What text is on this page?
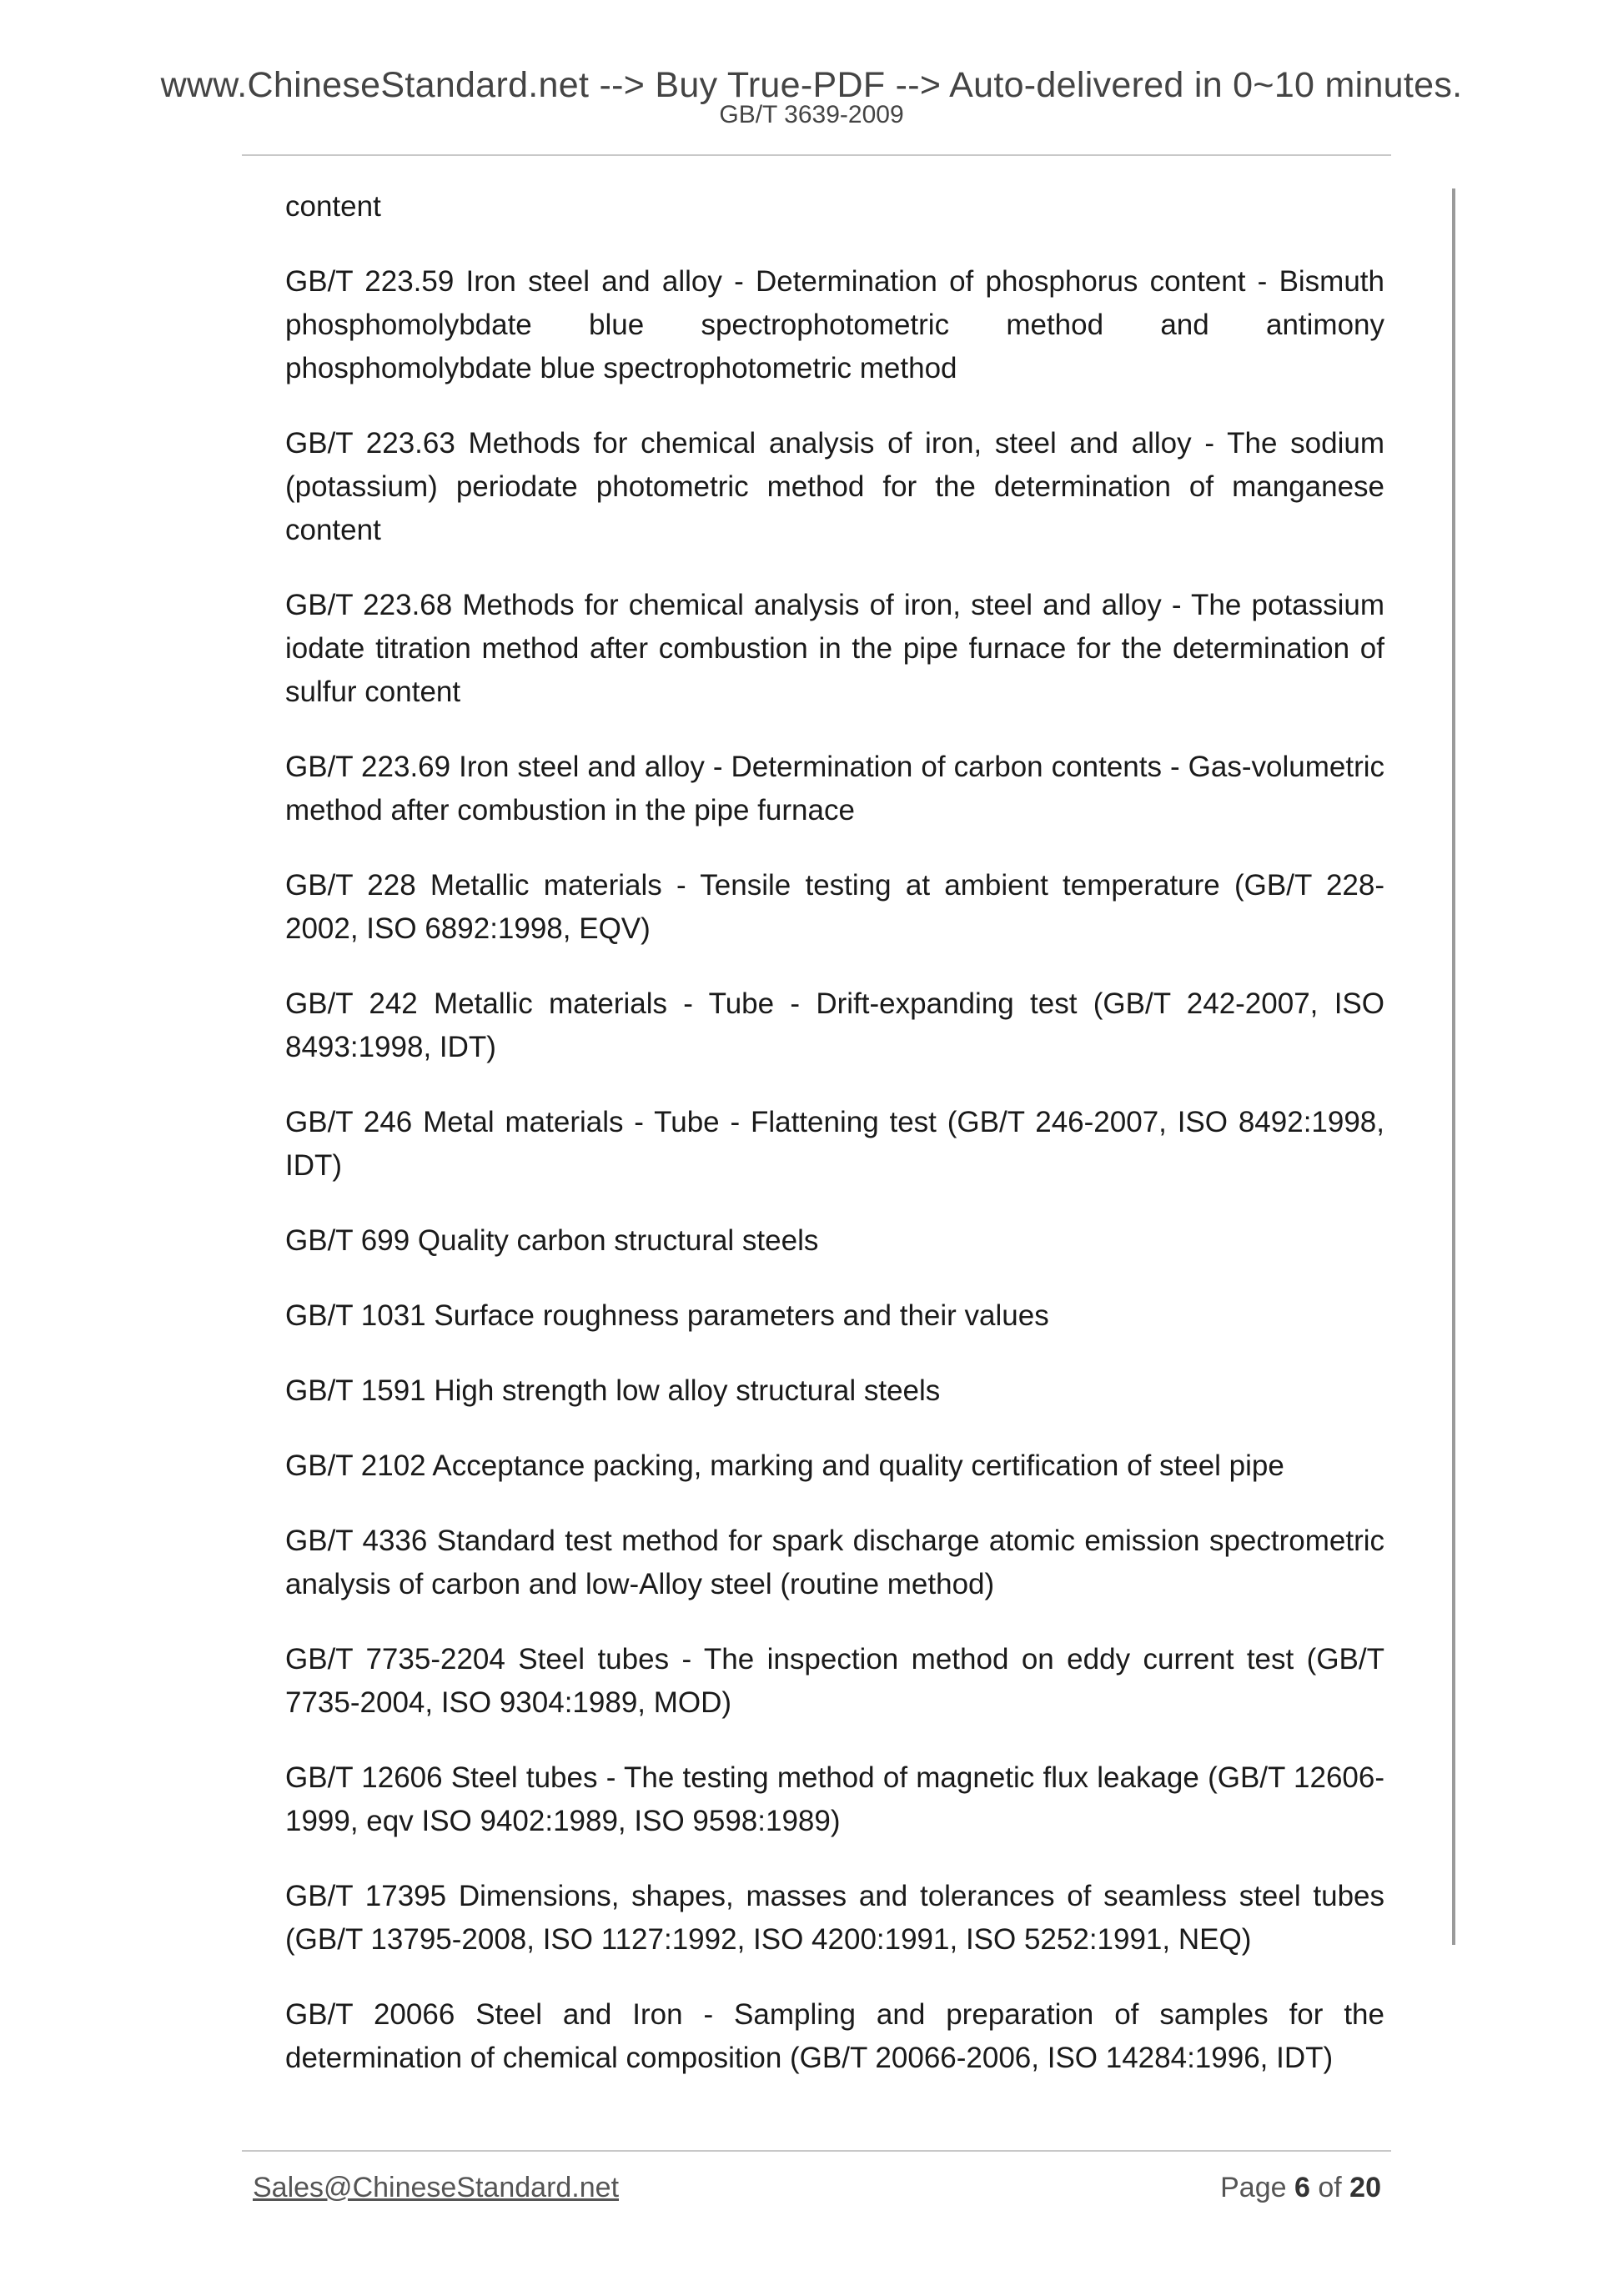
www.ChineseStandard.net --> Buy True-PDF --> Auto-delivered in 0~10 minutes.
GB/T 3639-2009

content

GB/T 223.59 Iron steel and alloy - Determination of phosphorus content - Bismuth phosphomolybdate blue spectrophotometric method and antimony phosphomolybdate blue spectrophotometric method

GB/T 223.63 Methods for chemical analysis of iron, steel and alloy - The sodium (potassium) periodate photometric method for the determination of manganese content

GB/T 223.68 Methods for chemical analysis of iron, steel and alloy - The potassium iodate titration method after combustion in the pipe furnace for the determination of sulfur content

GB/T 223.69 Iron steel and alloy - Determination of carbon contents - Gas-volumetric method after combustion in the pipe furnace

GB/T 228 Metallic materials - Tensile testing at ambient temperature (GB/T 228-2002, ISO 6892:1998, EQV)

GB/T 242 Metallic materials - Tube - Drift-expanding test (GB/T 242-2007, ISO 8493:1998, IDT)

GB/T 246 Metal materials - Tube - Flattening test (GB/T 246-2007, ISO 8492:1998, IDT)

GB/T 699 Quality carbon structural steels

GB/T 1031 Surface roughness parameters and their values

GB/T 1591 High strength low alloy structural steels

GB/T 2102 Acceptance packing, marking and quality certification of steel pipe

GB/T 4336 Standard test method for spark discharge atomic emission spectrometric analysis of carbon and low-Alloy steel (routine method)

GB/T 7735-2204 Steel tubes - The inspection method on eddy current test (GB/T 7735-2004, ISO 9304:1989, MOD)

GB/T 12606 Steel tubes - The testing method of magnetic flux leakage (GB/T 12606-1999, eqv ISO 9402:1989, ISO 9598:1989)

GB/T 17395 Dimensions, shapes, masses and tolerances of seamless steel tubes (GB/T 13795-2008, ISO 1127:1992, ISO 4200:1991, ISO 5252:1991, NEQ)

GB/T 20066 Steel and Iron - Sampling and preparation of samples for the determination of chemical composition (GB/T 20066-2006, ISO 14284:1996, IDT)

Sales@ChineseStandard.net	Page 6 of 20
